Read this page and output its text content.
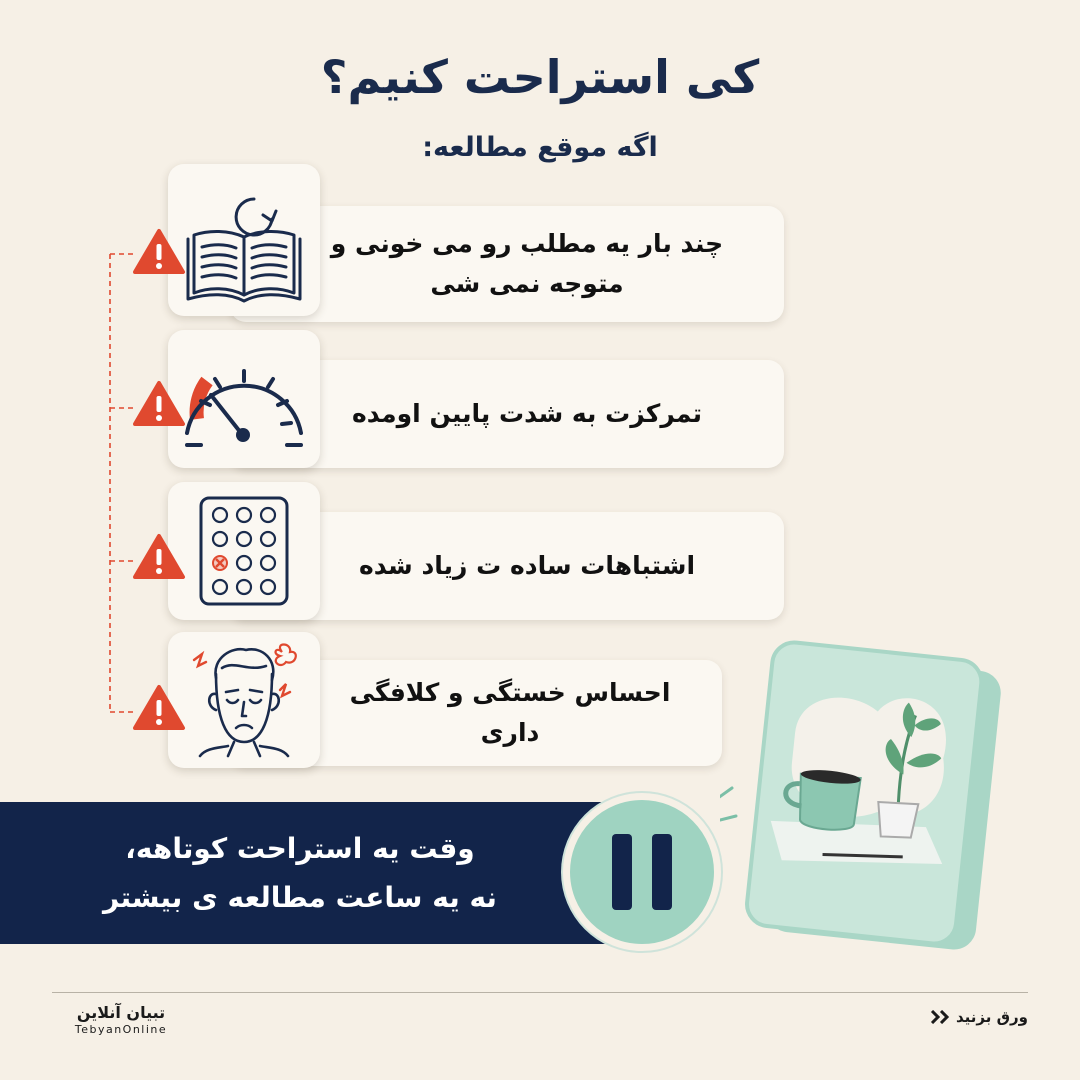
کی استراحت کنیم؟
اگه موقع مطالعه:
چند بار یه مطلب رو می خونی و متوجه نمی شی
تمرکزت به شدت پایین اومده
اشتباهات ساده ت زیاد شده
احساس خستگی و کلافگی داری
وقت یه استراحت کوتاهه،
نه یه ساعت مطالعه ی بیشتر
ورق بزنید
تبیان آنلاین
TebyanOnline
